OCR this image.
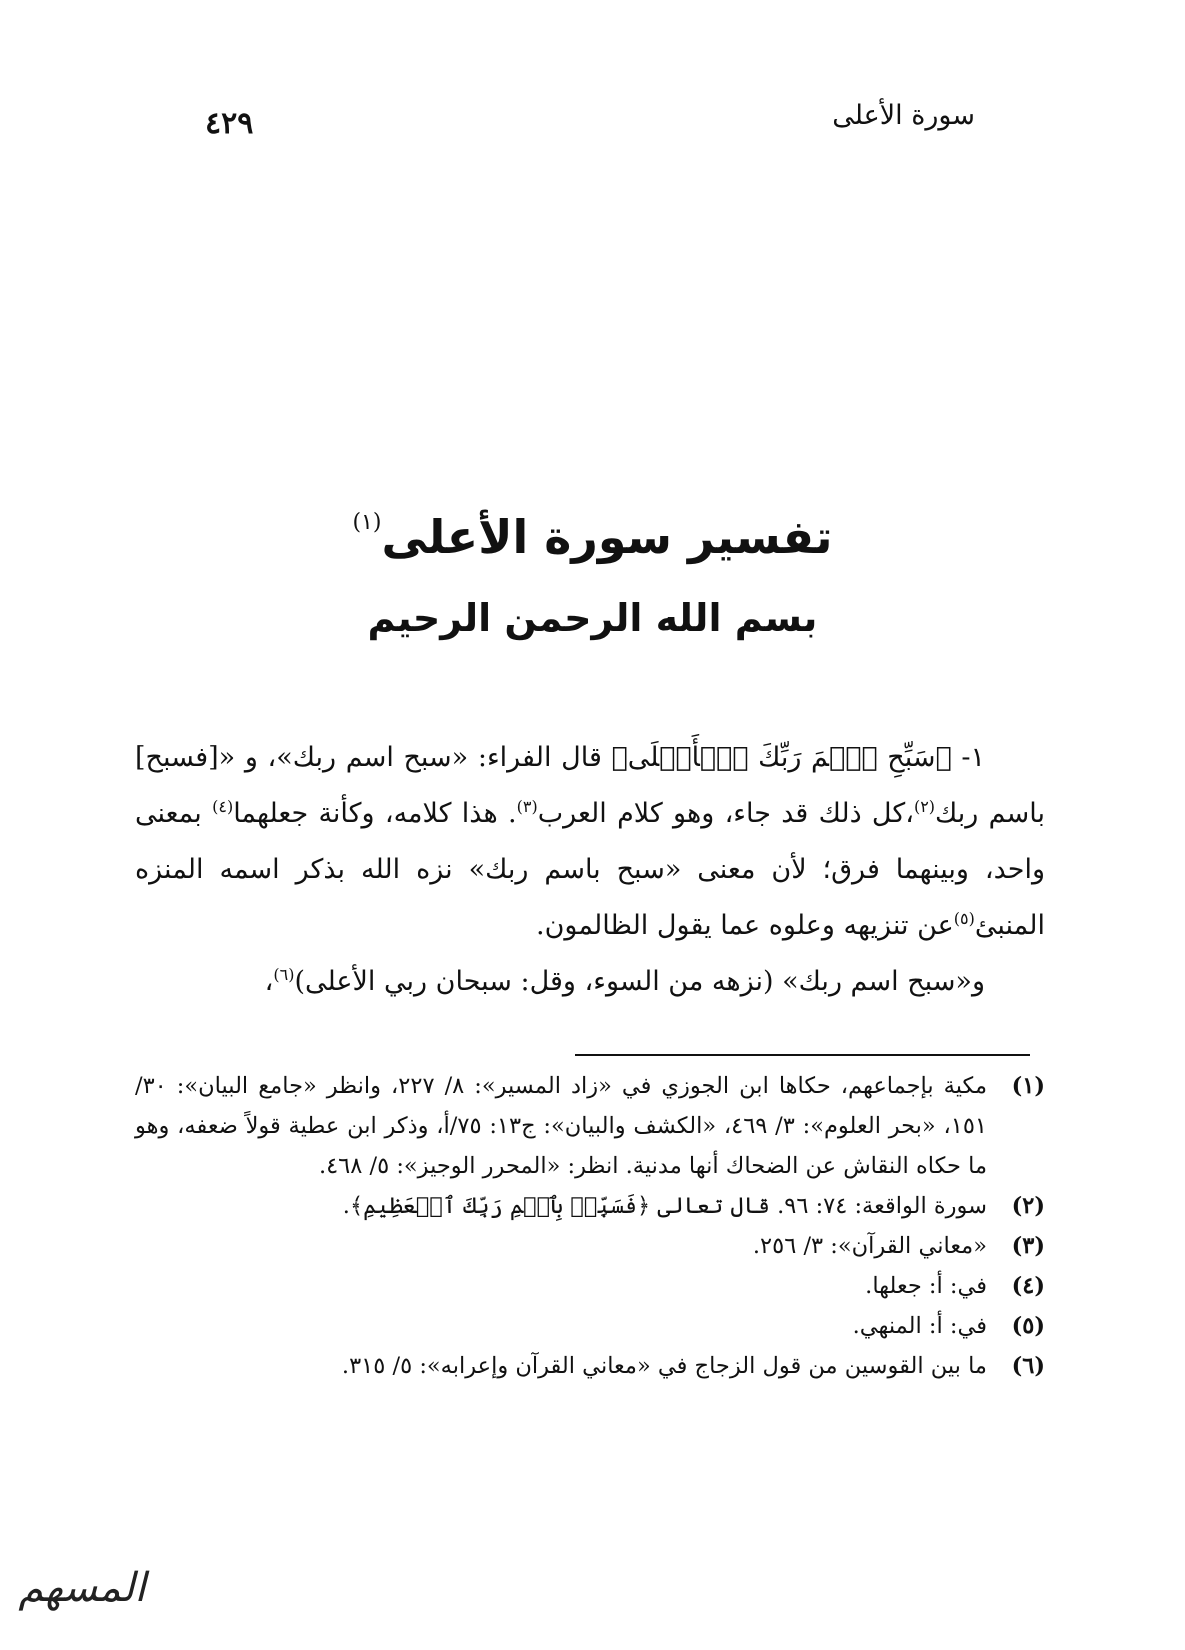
سورة الأعلى
٤٢٩
تفسير سورة الأعلى$^{(١)}$
بسم الله الرحمن الرحيم

١- ﴿سَبِّحِ ٱسۡمَ رَبِّكَ ٱلۡأَعۡلَى﴾ قال الفراء: «سبح اسم ربك»، و «[فسبح] باسم ربك$^{(٢)}$،كل ذلك قد جاء، وهو كلام العرب$^{(٣)}$. هذا كلامه، وكأنة جعلهما$^{(٤)}$ بمعنى واحد، وبينهما فرق؛ لأن معنى «سبح باسم ربك» نزه الله بذكر اسمه المنزه المنبئ$^{(٥)}$عن تنزيهه وعلوه عما يقول الظالمون.

و«سبح اسم ربك» (نزهه من السوء، وقل: سبحان ربي الأعلى)$^{(٦)}$،

(١)
مكية بإجماعهم، حكاها ابن الجوزي في «زاد المسير»: ٨/ ٢٢٧، وانظر «جامع البيان»: ٣٠/ ١٥١، «بحر العلوم»: ٣/ ٤٦٩، «الكشف والبيان»: ج١٣: ٧٥/أ، وذكر ابن عطية قولاً ضعفه، وهو ما حكاه النقاش عن الضحاك أنها مدنية. انظر: «المحرر الوجيز»: ٥/ ٤٦٨.
(٢)
سورة الواقعة: ٧٤: ٩٦. قال تعالى ﴿فَسَبِّحۡ بِٱسۡمِ رَبِّكَ ٱلۡعَظِيمِ﴾.
(٣)
«معاني القرآن»: ٣/ ٢٥٦.
(٤)
في: أ: جعلها.
(٥)
في: أ: المنهي.
(٦)
ما بين القوسين من قول الزجاج في «معاني القرآن وإعرابه»: ٥/ ٣١٥.
المسهم
